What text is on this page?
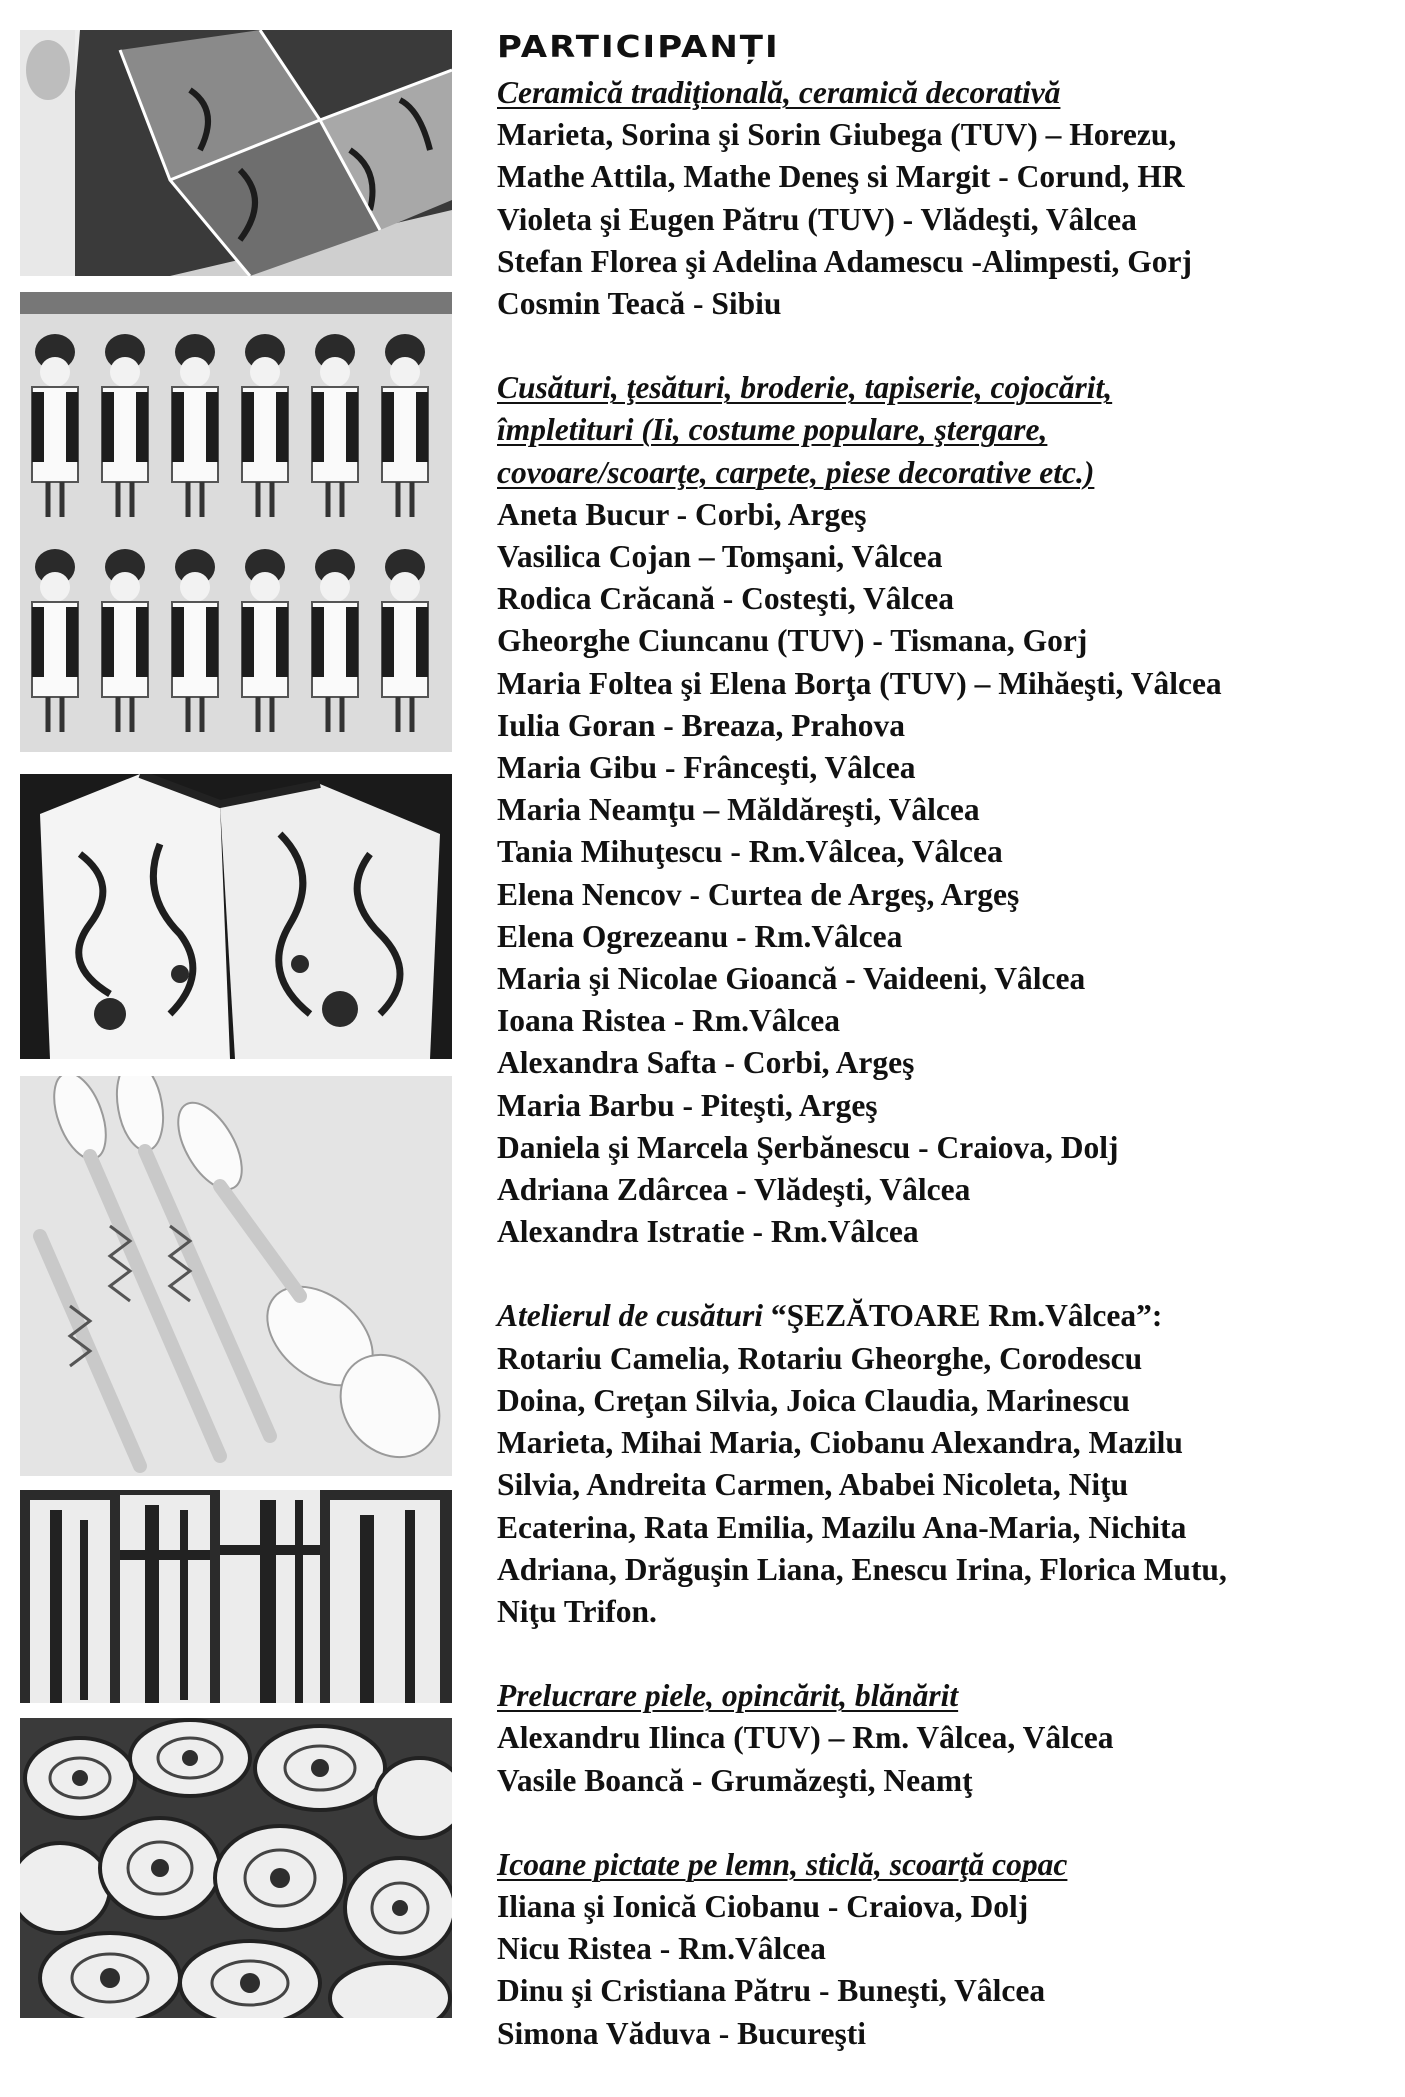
PARTICIPANȚI
Ceramică tradiţională, ceramică decorativă
Marieta, Sorina şi Sorin Giubega (TUV) – Horezu,
Mathe Attila, Mathe Deneş si Margit - Corund, HR
Violeta şi Eugen Pătru (TUV) - Vlădeşti, Vâlcea
Stefan Florea şi Adelina Adamescu -Alimpesti, Gorj
Cosmin Teacă - Sibiu
Cusături, ţesături, broderie, tapiserie, cojocărit,
împletituri (Ii, costume populare, ştergare,
covoare/scoarţe, carpete, piese decorative etc.)
Aneta Bucur - Corbi, Argeş
Vasilica Cojan – Tomşani, Vâlcea
Rodica Crăcană - Costeşti, Vâlcea
Gheorghe Ciuncanu (TUV) - Tismana, Gorj
Maria Foltea şi Elena Borţa (TUV) – Mihăeşti, Vâlcea
Iulia Goran - Breaza, Prahova
Maria Gibu - Frânceşti, Vâlcea
Maria Neamţu – Măldăreşti, Vâlcea
Tania Mihuţescu - Rm.Vâlcea, Vâlcea
Elena Nencov - Curtea de Argeş, Argeş
Elena Ogrezeanu - Rm.Vâlcea
Maria şi Nicolae Gioancă - Vaideeni, Vâlcea
Ioana Ristea - Rm.Vâlcea
Alexandra Safta - Corbi, Argeş
Maria Barbu - Piteşti, Argeş
Daniela şi Marcela Şerbănescu - Craiova, Dolj
Adriana Zdârcea - Vlădeşti, Vâlcea
Alexandra Istratie - Rm.Vâlcea
Atelierul de cusături “ŞEZĂTOARE Rm.Vâlcea”:
Rotariu Camelia, Rotariu Gheorghe, Corodescu
Doina, Creţan Silvia, Joica Claudia, Marinescu
Marieta, Mihai Maria, Ciobanu Alexandra, Mazilu
Silvia, Andreita Carmen, Ababei Nicoleta, Niţu
Ecaterina, Rata Emilia, Mazilu Ana-Maria, Nichita
Adriana, Drăguşin Liana, Enescu Irina, Florica Mutu,
Niţu Trifon.
Prelucrare piele, opincărit, blănărit
Alexandru Ilinca (TUV) – Rm. Vâlcea, Vâlcea
Vasile Boancă - Grumăzeşti, Neamţ
Icoane pictate pe lemn, sticlă, scoarţă copac
Iliana şi Ionică Ciobanu - Craiova, Dolj
Nicu Ristea - Rm.Vâlcea
Dinu şi Cristiana Pătru - Buneşti, Vâlcea
Simona Văduva - Bucureşti
